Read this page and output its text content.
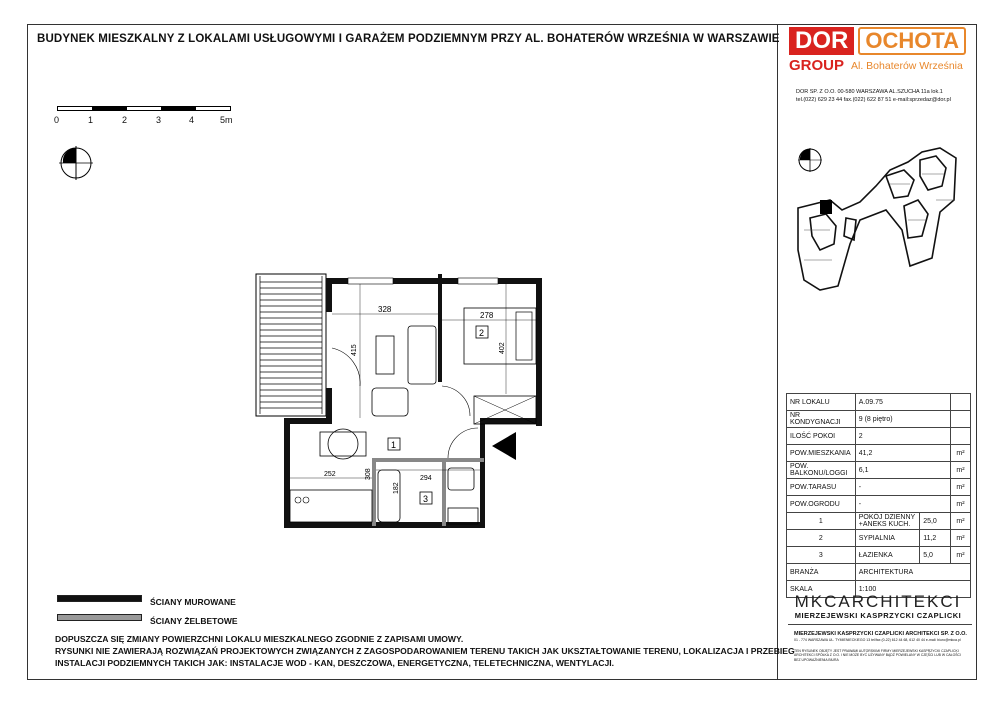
BUDYNEK MIESZKALNY Z LOKALAMI USŁUGOWYMI I GARAŻEM PODZIEMNYM PRZY AL. BOHATERÓW WRZEŚNIA W WARSZAWIE
0	1	2	3	4	5m
328
278
415	402
252	308	294
182
1
2
3
ŚCIANY MUROWANE
ŚCIANY ŻELBETOWE
DOPUSZCZA SIĘ ZMIANY POWIERZCHNI LOKALU MIESZKALNEGO ZGODNIE Z ZAPISAMI UMOWY.
RYSUNKI NIE ZAWIERAJĄ ROZWIĄZAŃ PROJEKTOWYCH ZWIĄZANYCH Z ZAGOSPODAROWANIEM TERENU TAKICH JAK UKSZTAŁTOWANIE TERENU, LOKALIZACJA I PRZEBIEG
INSTALACJI PODZIEMNYCH TAKICH JAK: INSTALACJE WOD - KAN, DESZCZOWA, ENERGETYCZNA, TELETECHNICZNA, WENTYLACJI.
DOR OCHOTA
GROUP Al. Bohaterów Września
DOR SP. Z O.O. 00-580 WARSZAWA AL.SZUCHA 11a lok.1
tel.(022) 629 23 44 fax.(022) 622 87 51 e-mail:sprzedaz@dor.pl
NR LOKALU	A.09.75		
NR KONDYGNACJI	9 (8 piętro)		
ILOŚĆ POKOI	2		
POW.MIESZKANIA	41,2		m²
POW. BALKONU/LOGGI	6,1		m²
POW.TARASU	-		m²
POW.OGRODU	-		m²
1	POKÓJ DZIENNY +ANEKS KUCH.	25,0	m²
2	SYPIALNIA	11,2	m²
3	ŁAZIENKA	5,0	m²
BRANŻA	ARCHITEKTURA		
SKALA	1:100		
MKCARCHITEKCI
MIERZEJEWSKI KASPRZYCKI CZAPLICKI
MIERZEJEWSKI KASPRZYCKI CZAPLICKI ARCHITEKCI SP. Z O.O.
01 - 774 WARSZAWA UL. TYMIENIECKIEGO 13 tel/fax (0-22) 612 44 68, 612 40 44 e-mail: biuro@mkca.pl
TEN RYSUNEK OBJĘTY JEST PRAWAMI AUTORSKIMI FIRMY MIERZEJEWSKI KASPRZYCKI CZAPLICKI ARCHITEKCI SPÓŁKA Z O.O. I NIE MOŻE BYĆ UŻYWANY BĄDŹ POWIELANY W CZĘŚCI LUB W CAŁOŚCI BEZ UPOWAŻNIENIA BIURA
